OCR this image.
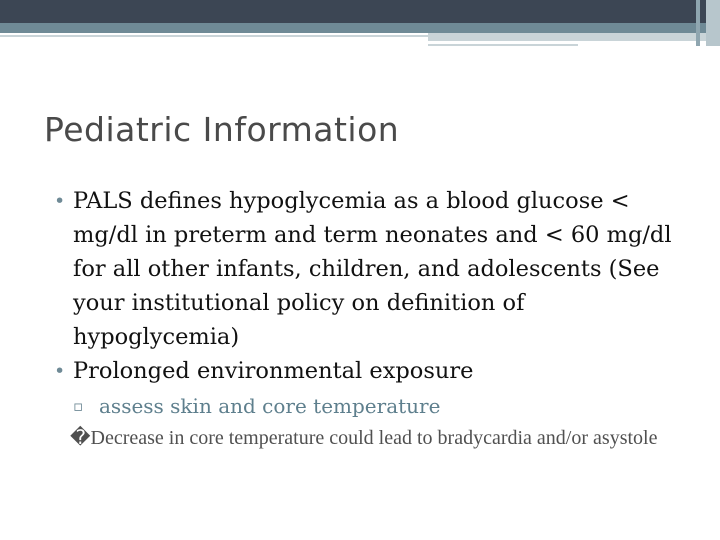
Pediatric Information
• PALS defines hypoglycemia as a blood glucose < mg/dl in preterm and term neonates and < 60 mg/dl for all other infants, children, and adolescents (See your institutional policy on definition of hypoglycemia)
• Prolonged environmental exposure
▫ assess skin and core temperature
�Decrease in core temperature could lead to bradycardia and/or asystole
